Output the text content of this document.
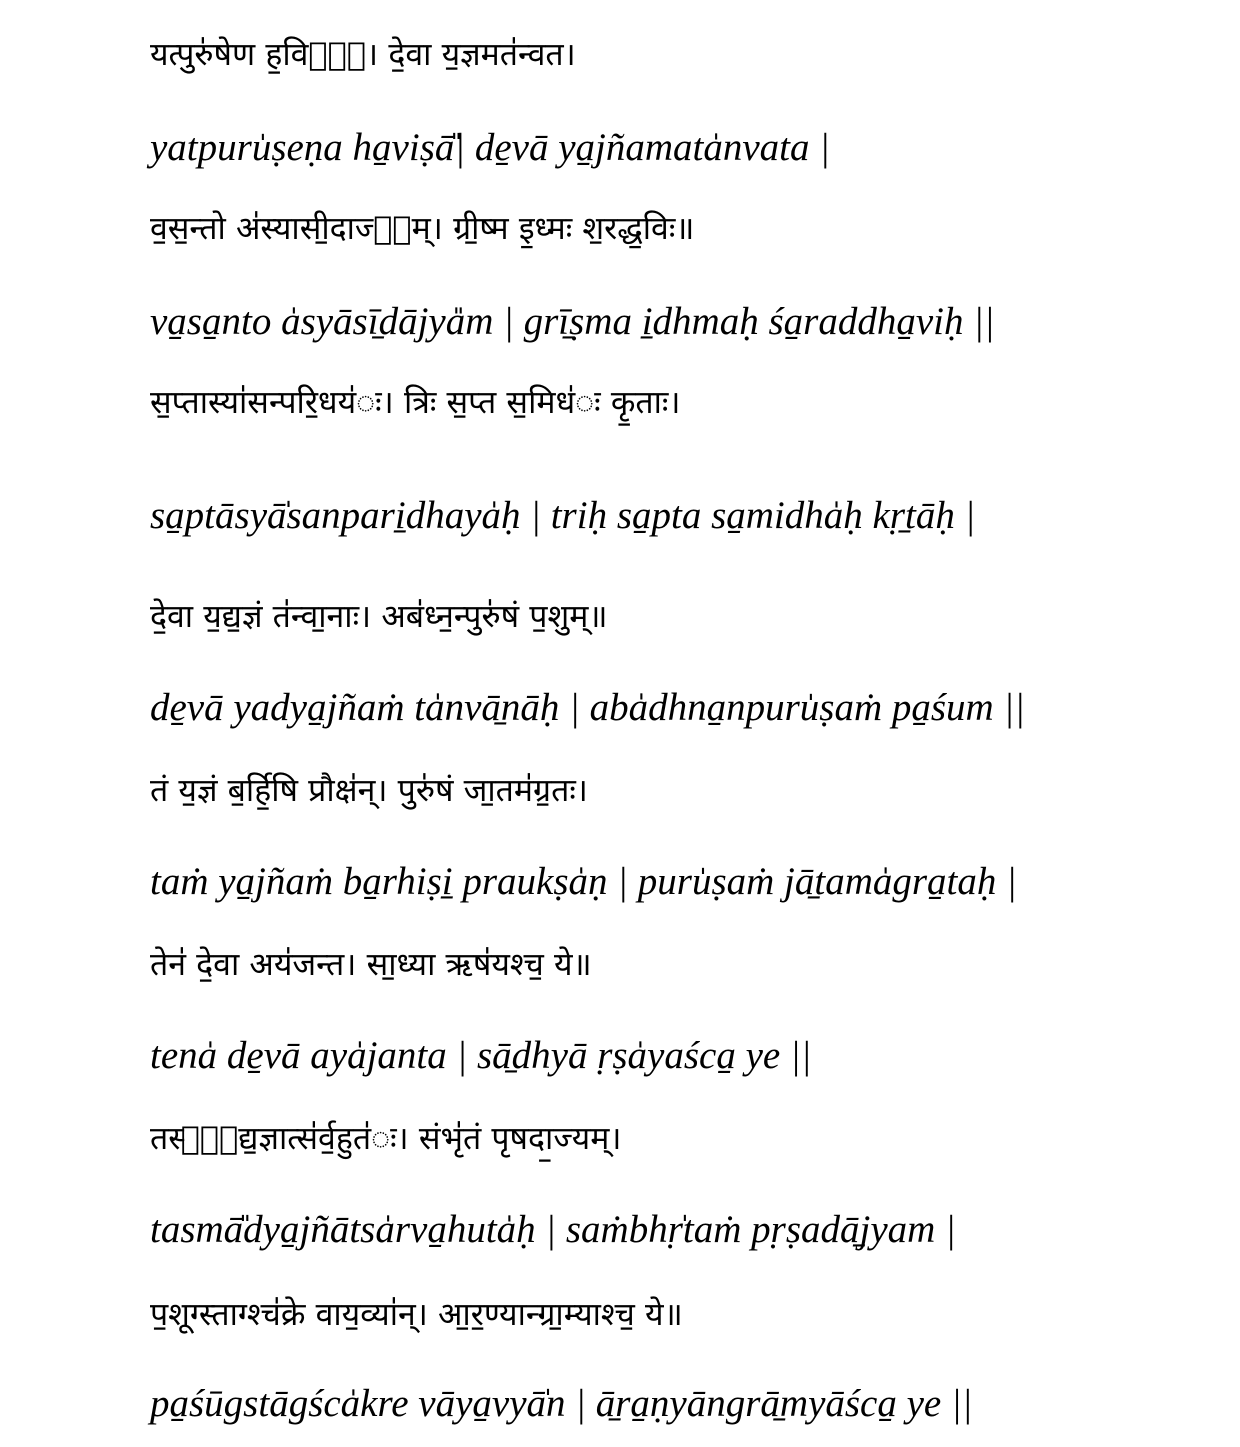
यत्पुरु॑षेण ह॒विषा᳚। दे॒वा य॒ज्ञमत॑न्वत।
yatpuru̍ṣeṇa ha̱viṣā̎| de̱vā ya̱jñamata̍nvata |
व॒स॒न्तो अ॑स्यासी॒दाज्य᳚म्। ग्री॒ष्म इ॒ध्मः श॒रद्ध॒विः॥
va̱sa̱nto a̍syāsī̱dājya̎m | grī̱ṣma i̱dhmaḥ śa̱raddha̱viḥ ||
स॒प्तास्या॑सन्परि॒धय॑ः। त्रिः स॒प्त स॒मिध॑ः कृ॒ताः।
sa̱ptāsyā̍sanpari̱dhaya̍ḥ | triḥ sa̱pta sa̱midha̍ḥ kṛ̱tāḥ |
दे॒वा य॒द्य॒ज्ञं त॑न्वा॒नाः। अब॑ध्न॒न्पुरु॑षं प॒शुम्॥
de̱vā yadya̱jñaṁ ta̍nvā̱nāḥ | aba̍dhna̱npuru̍ṣaṁ pa̱śum ||
तं य॒ज्ञं ब॒र्हि॒षि प्रौक्ष॑न्। पुरु॑षं जा॒तम॑ग्र॒तः।
taṁ ya̱jñaṁ ba̱rhiṣi̱ praukṣa̍ṇ | puru̍ṣaṁ jā̱tama̍gra̱taḥ |
तेन॑ दे॒वा अय॑जन्त। सा॒ध्या ऋष॑यश्च॒ ये॥
tena̍ de̱vā aya̍janta | sā̱dhyā ṛṣa̍yaśca̱ ye ||
तस्मा᳚द्य॒ज्ञात्स॑र्व॒हुत॑ः। संभृ॑तं पृषदा॒ज्यम्।
tasmā̎dya̱jñātsa̍rva̱huta̍ḥ | saṁbhṛ̍taṁ pṛṣadā̱jyam |
प॒शूग्स्ताग्श्च॑क्रे वाय॒व्या॑न्। आ॒र॒ण्यान्ग्रा॒म्याश्च॒ ये॥
pa̱śūgstāgśca̍kre vāya̱vyā̍n | ā̱ra̱ṇyāngrā̱myāśca̱ ye ||
